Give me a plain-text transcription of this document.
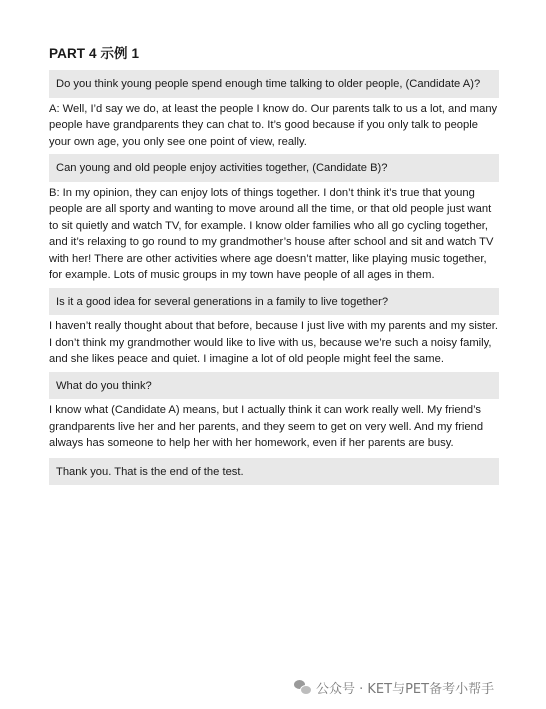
PART 4 示例 1
Do you think young people spend enough time talking to older people, (Candidate A)?

A: Well, I’d say we do, at least the people I know do. Our parents talk to us a lot, and many people have grandparents they can chat to. It’s good because if you only talk to people your own age, you only see one point of view, really.

Can young and old people enjoy activities together, (Candidate B)?

B: In my opinion, they can enjoy lots of things together. I don’t think it’s true that young people are all sporty and wanting to move around all the time, or that old people just want to sit quietly and watch TV, for example. I know older families who all go cycling together, and it’s relaxing to go round to my grandmother’s house after school and sit and watch TV with her! There are other activities where age doesn’t matter, like playing music together, for example. Lots of music groups in my town have people of all ages in them.

Is it a good idea for several generations in a family to live together?

I haven’t really thought about that before, because I just live with my parents and my sister. I don’t think my grandmother would like to live with us, because we’re such a noisy family, and she likes peace and quiet. I imagine a lot of old people might feel the same.

What do you think?

I know what (Candidate A) means, but I actually think it can work really well. My friend’s grandparents live her and her parents, and they seem to get on very well. And my friend always has someone to help her with her homework, even if her parents are busy.

Thank you. That is the end of the test.
公众号 · KET与PET备考小帮手
